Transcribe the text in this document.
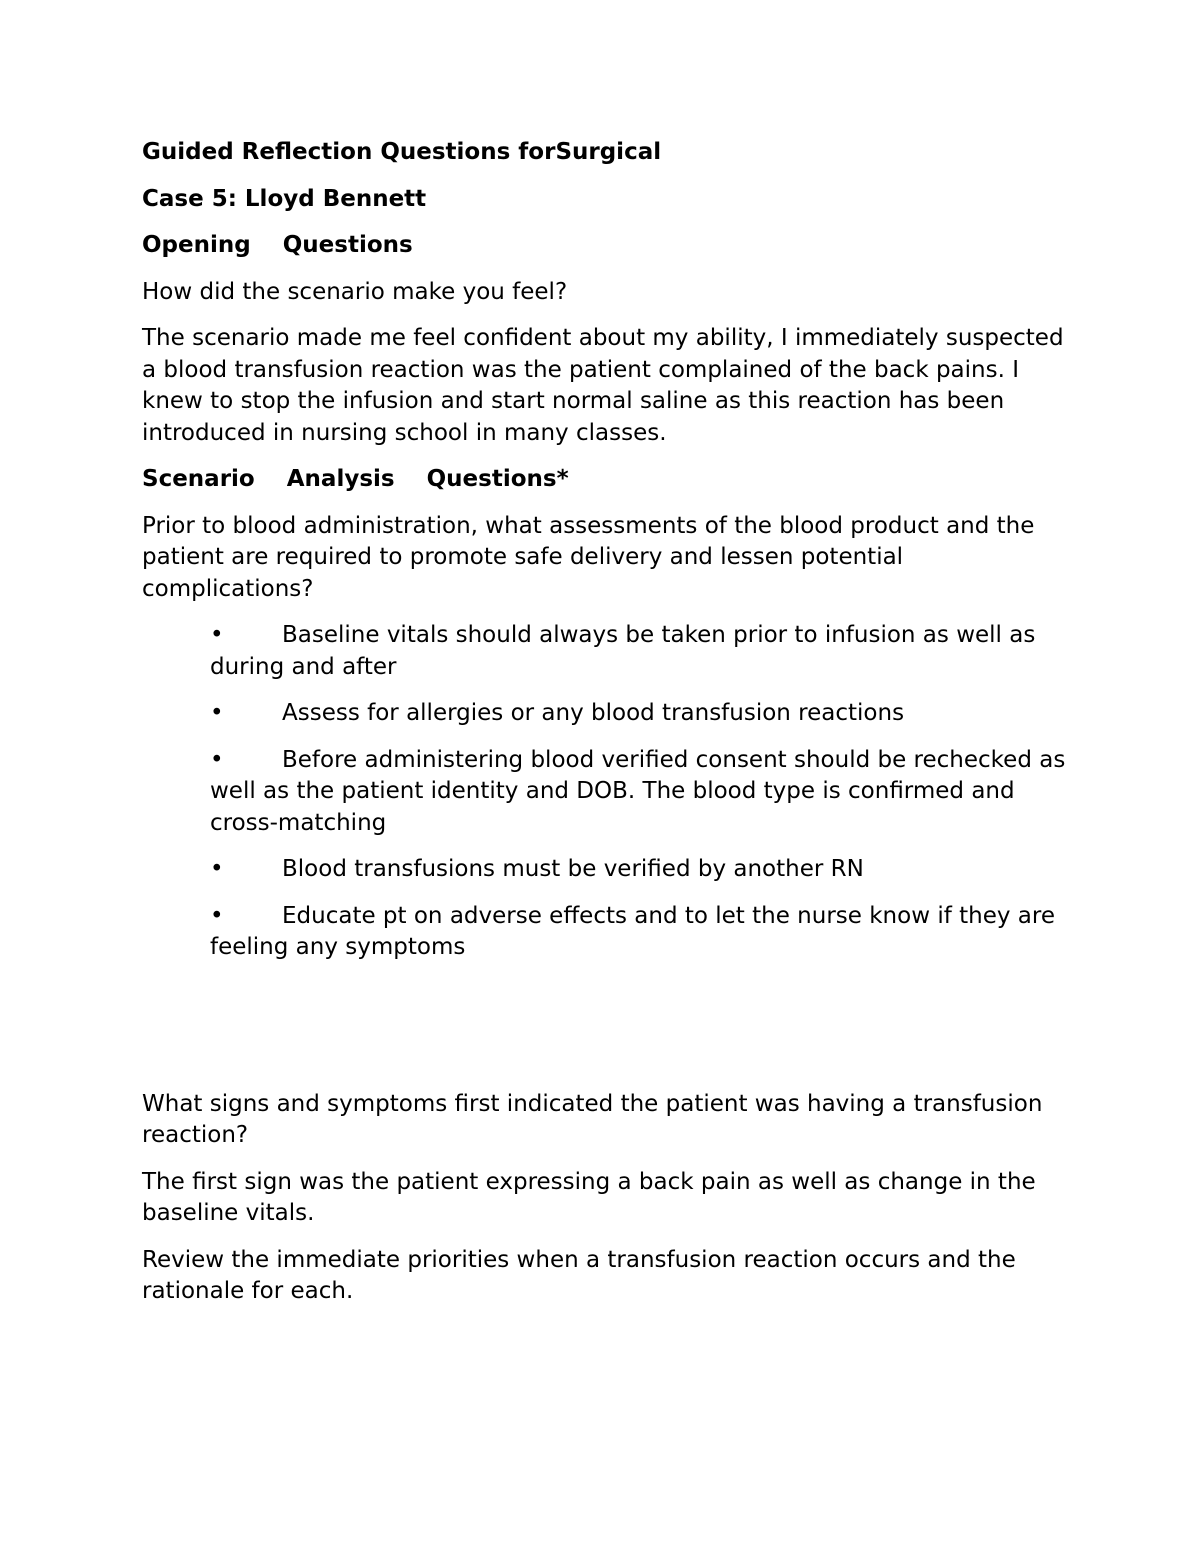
Guided Reflection Questions forSurgical

Case 5: Lloyd Bennett

Opening    Questions

How did the scenario make you feel?

The scenario made me feel confident about my ability, I immediately suspected a blood transfusion reaction was the patient complained of the back pains. I knew to stop the infusion and start normal saline as this reaction has been introduced in nursing school in many classes.

Scenario    Analysis    Questions*

Prior to blood administration, what assessments of the blood product and the patient are required to promote safe delivery and lessen potential complications?

•	Baseline vitals should always be taken prior to infusion as well as during and after
•	Assess for allergies or any blood transfusion reactions
•	Before administering blood verified consent should be rechecked as well as the patient identity and DOB. The blood type is confirmed and cross-matching
•	Blood transfusions must be verified by another RN
•	Educate pt on adverse effects and to let the nurse know if they are feeling any symptoms

What signs and symptoms first indicated the patient was having a transfusion reaction?

The first sign was the patient expressing a back pain as well as change in the baseline vitals.

Review the immediate priorities when a transfusion reaction occurs and the rationale for each.
